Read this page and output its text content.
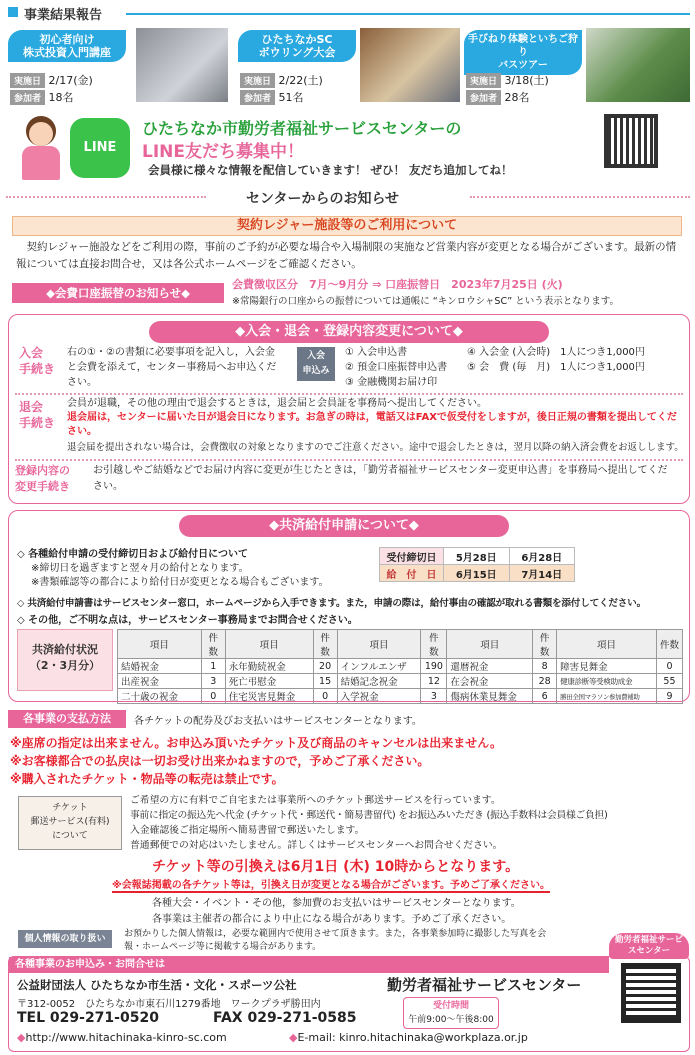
事業結果報告
初心者向け
株式投資入門講座
実施日 2/17(金)
参加者 18名
ひたちなかSC
ボウリング大会
実施日 2/22(土)
参加者 51名
手びねり体験といちご狩り
バスツアー
実施日 3/18(土)
参加者 28名
LINE
ひたちなか市勤労者福祉サービスセンターの
LINE友だち募集中！
会員様に様々な情報を配信していきます！ ぜひ！ 友だち追加してね！
センターからのお知らせ
契約レジャー施設等のご利用について
契約レジャー施設などをご利用の際，事前のご予約が必要な場合や入場制限の実施など営業内容が変更となる場合がございます。最新の情報については直接お問合せ，又は各公式ホームページをご確認ください。
◆会費口座振替のお知らせ◆
会費徴収区分　7月～9月分 ⇒ 口座振替日　2023年7月25日 (火)
※常陽銀行の口座からの振替については通帳に “キンロウシャSC” という表示となります。
◆入会・退会・登録内容変更について◆
入会
手続き
右の①・②の書類に必要事項を記入し，入会金と会費を添えて，センター事務局へお申込ください。
入会
申込み
① 入会申込書
② 預金口座振替申込書
③ 金融機関お届け印
④ 入会金 (入会時)　1人につき1,000円
⑤ 会　費 (毎　月)　1人につき1,000円
退会
手続き
会員が退職，その他の理由で退会するときは，退会届と会員証を事務局へ提出してください。
退会届は，センターに届いた日が退会日になります。お急ぎの時は，電話又はFAXで仮受付をしますが，後日正規の書類を提出してください。
退会届を提出されない場合は，会費徴収の対象となりますのでご注意ください。途中で退会したときは，翌月以降の納入済会費をお返しします。
登録内容の
変更手続き
お引越しやご結婚などでお届け内容に変更が生じたときは，「勤労者福祉サービスセンター変更申込書」を事務局へ提出してください。
◆共済給付申請について◆
◇ 各種給付申請の受付締切日および給付日について
※締切日を過ぎますと翌々月の給付となります。
※書類確認等の都合により給付日が変更となる場合もございます。
受付締切日	5月28日	6月28日
給　付　日	6月15日	7月14日
◇ 共済給付申請書はサービスセンター窓口，ホームページから入手できます。また，申請の際は，給付事由の確認が取れる書類を添付してください。
◇ その他，ご不明な点は，サービスセンター事務局までお問合せください。
共済給付状況
（2・3月分）
項目	件数	項目	件数	項目	件数	項目	件数	項目	件数
結婚祝金	1	永年勤続祝金	20	インフルエンザ	190	還暦祝金	8	障害見舞金	0
出産祝金	3	死亡弔慰金	15	結婚記念祝金	12	在会祝金	28	健康診断等受検助成金	55
二十歳の祝金	0	住宅災害見舞金	0	入学祝金	3	傷病休業見舞金	6	勝田全国マラソン参加費補助	9
各事業の支払方法	各チケットの配券及びお支払いはサービスセンターとなります。
※座席の指定は出来ません。お申込み頂いたチケット及び商品のキャンセルは出来ません。
※お客様都合での払戻は一切お受け出来かねますので，予めご了承ください。
※購入されたチケット・物品等の転売は禁止です。
チケット
郵送サービス(有料)
について
ご希望の方に有料でご自宅または事業所へのチケット郵送サービスを行っています。
事前に指定の振込先へ代金 (チケット代・郵送代・簡易書留代) をお振込みいただき (振込手数料は会員様ご負担)
入金確認後ご指定場所へ簡易書留で郵送いたします。
普通郵便での対応はいたしません。詳しくはサービスセンターへお問合せください。
チケット等の引換えは6月1日 (木) 10時からとなります。
※会報誌掲載の各チケット等は，引換え日が変更となる場合がございます。予めご了承ください。
各種大会・イベント・その他，参加費のお支払いはサービスセンターとなります。
各事業は主催者の都合により中止になる場合があります。予めご了承ください。
個人情報の取り扱い	お預かりした個人情報は，必要な範囲内で使用させて頂きます。また，各事業参加時に撮影した写真を会報・ホームページ等に掲載する場合があります。
各種事業のお申込み・お問合せは
公益財団法人 ひたちなか市生活・文化・スポーツ公社	勤労者福祉サービスセンター
〒312-0052　ひたちなか市東石川1279番地　ワークプラザ勝田内
TEL 029-271-0520	FAX 029-271-0585
受付時間
午前9:00～午後8:00
◆http://www.hitachinaka-kinro-sc.com	◆E-mail: kinro.hitachinaka@workplaza.or.jp
勤労者福祉サービスセンター
